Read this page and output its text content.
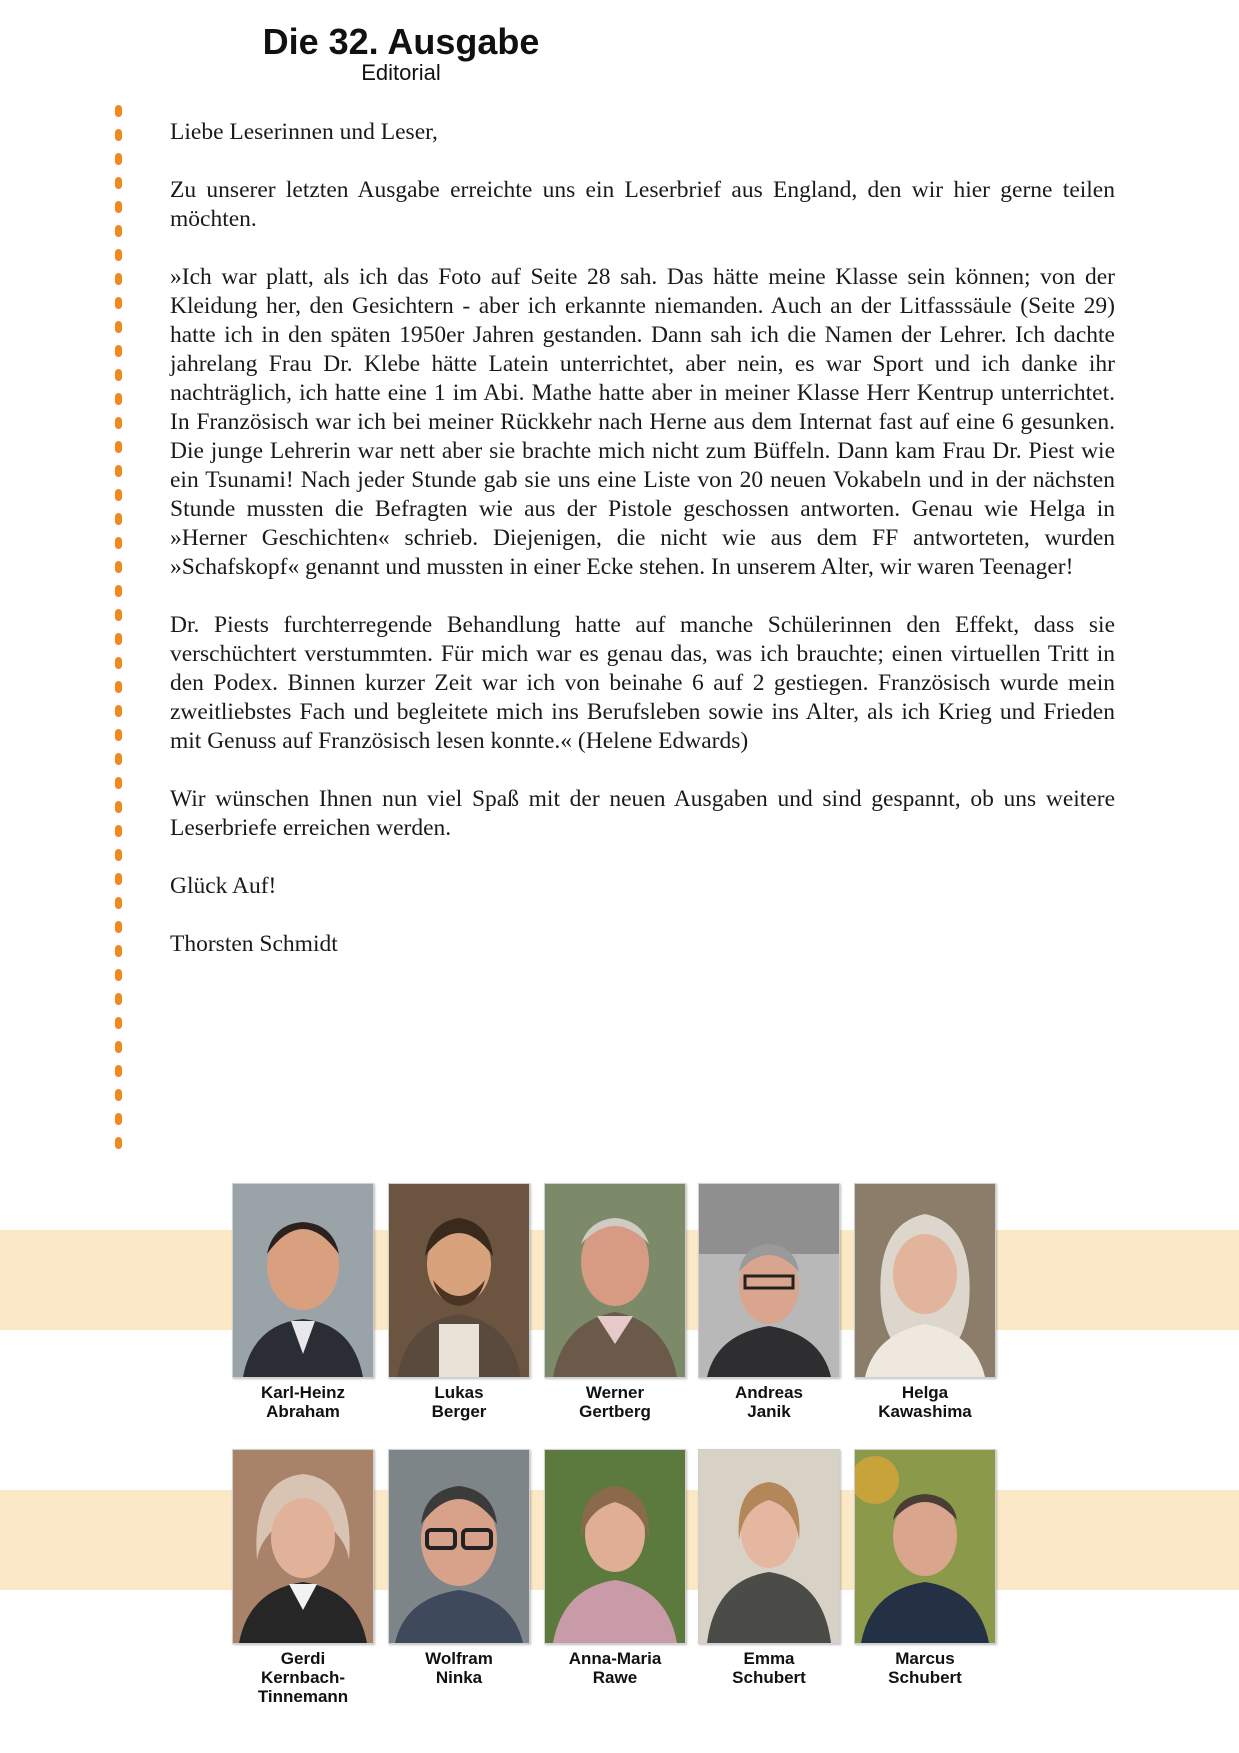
Die 32. Ausgabe
Editorial

Liebe Leserinnen und Leser,

Zu unserer letzten Ausgabe erreichte uns ein Leserbrief aus England, den wir hier gerne teilen möchten.

»Ich war platt, als ich das Foto auf Seite 28 sah. Das hätte meine Klasse sein können; von der Kleidung her, den Gesichtern - aber ich erkannte niemanden. Auch an der Litfasssäule (Seite 29) hatte ich in den späten 1950er Jahren gestanden. Dann sah ich die Namen der Lehrer. Ich dachte jahrelang Frau Dr. Klebe hätte Latein unterrichtet, aber nein, es war Sport und ich danke ihr nachträglich, ich hatte eine 1 im Abi. Mathe hatte aber in meiner Klasse Herr Kentrup unterrichtet. In Französisch war ich bei meiner Rückkehr nach Herne aus dem Internat fast auf eine 6 gesunken. Die junge Lehrerin war nett aber sie brachte mich nicht zum Büffeln. Dann kam Frau Dr. Piest wie ein Tsunami! Nach jeder Stunde gab sie uns eine Liste von 20 neuen Vokabeln und in der nächsten Stunde mussten die Befragten wie aus der Pistole geschossen antworten. Genau wie Helga in »Herner Geschichten« schrieb. Diejenigen, die nicht wie aus dem FF antworteten, wurden »Schafskopf« genannt und mussten in einer Ecke stehen. In unserem Alter, wir waren Teenager!

Dr. Piests furchterregende Behandlung hatte auf manche Schülerinnen den Effekt, dass sie verschüchtert verstummten. Für mich war es genau das, was ich brauchte; einen virtuellen Tritt in den Podex. Binnen kurzer Zeit war ich von beinahe 6 auf 2 gestiegen. Französisch wurde mein zweitliebstes Fach und begleitete mich ins Berufsleben sowie ins Alter, als ich Krieg und Frieden mit Genuss auf Französisch lesen konnte.« (Helene Edwards)

Wir wünschen Ihnen nun viel Spaß mit der neuen Ausgaben und sind gespannt, ob uns weitere Leserbriefe erreichen werden.

Glück Auf!

Thorsten Schmidt

Karl-Heinz
Abraham
Lukas
Berger
Werner
Gertberg
Andreas
Janik
Helga
Kawashima
Gerdi
Kernbach-
Tinnemann
Wolfram
Ninka
Anna-Maria
Rawe
Emma
Schubert
Marcus
Schubert
